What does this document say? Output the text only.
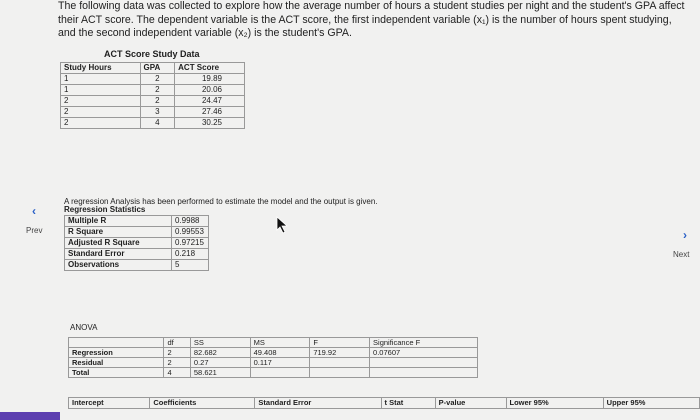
The following data was collected to explore how the average number of hours a student studies per night and the student's GPA affect their ACT score. The dependent variable is the ACT score, the first independent variable (x₁) is the number of hours spent studying, and the second independent variable (x₂) is the student's GPA.
ACT Score Study Data
Study Hours	GPA	ACT Score
1	2	19.89
1	2	20.06
2	2	24.47
2	3	27.46
2	4	30.25
A regression Analysis has been performed to estimate the model and the output is given.
Regression Statistics
Multiple R	0.9988
R Square	0.99553
Adjusted R Square	0.97215
Standard Error	0.218
Observations	5
ANOVA
	df	SS	MS	F	Significance F
Regression	2	82.682	49.408	719.92	0.07607
Residual	2	0.27	0.117		
Total	4	58.621			
Intercept	Coefficients	Standard Error	t Stat	P-value	Lower 95%	Upper 95%
‹
Prev	›
Next
